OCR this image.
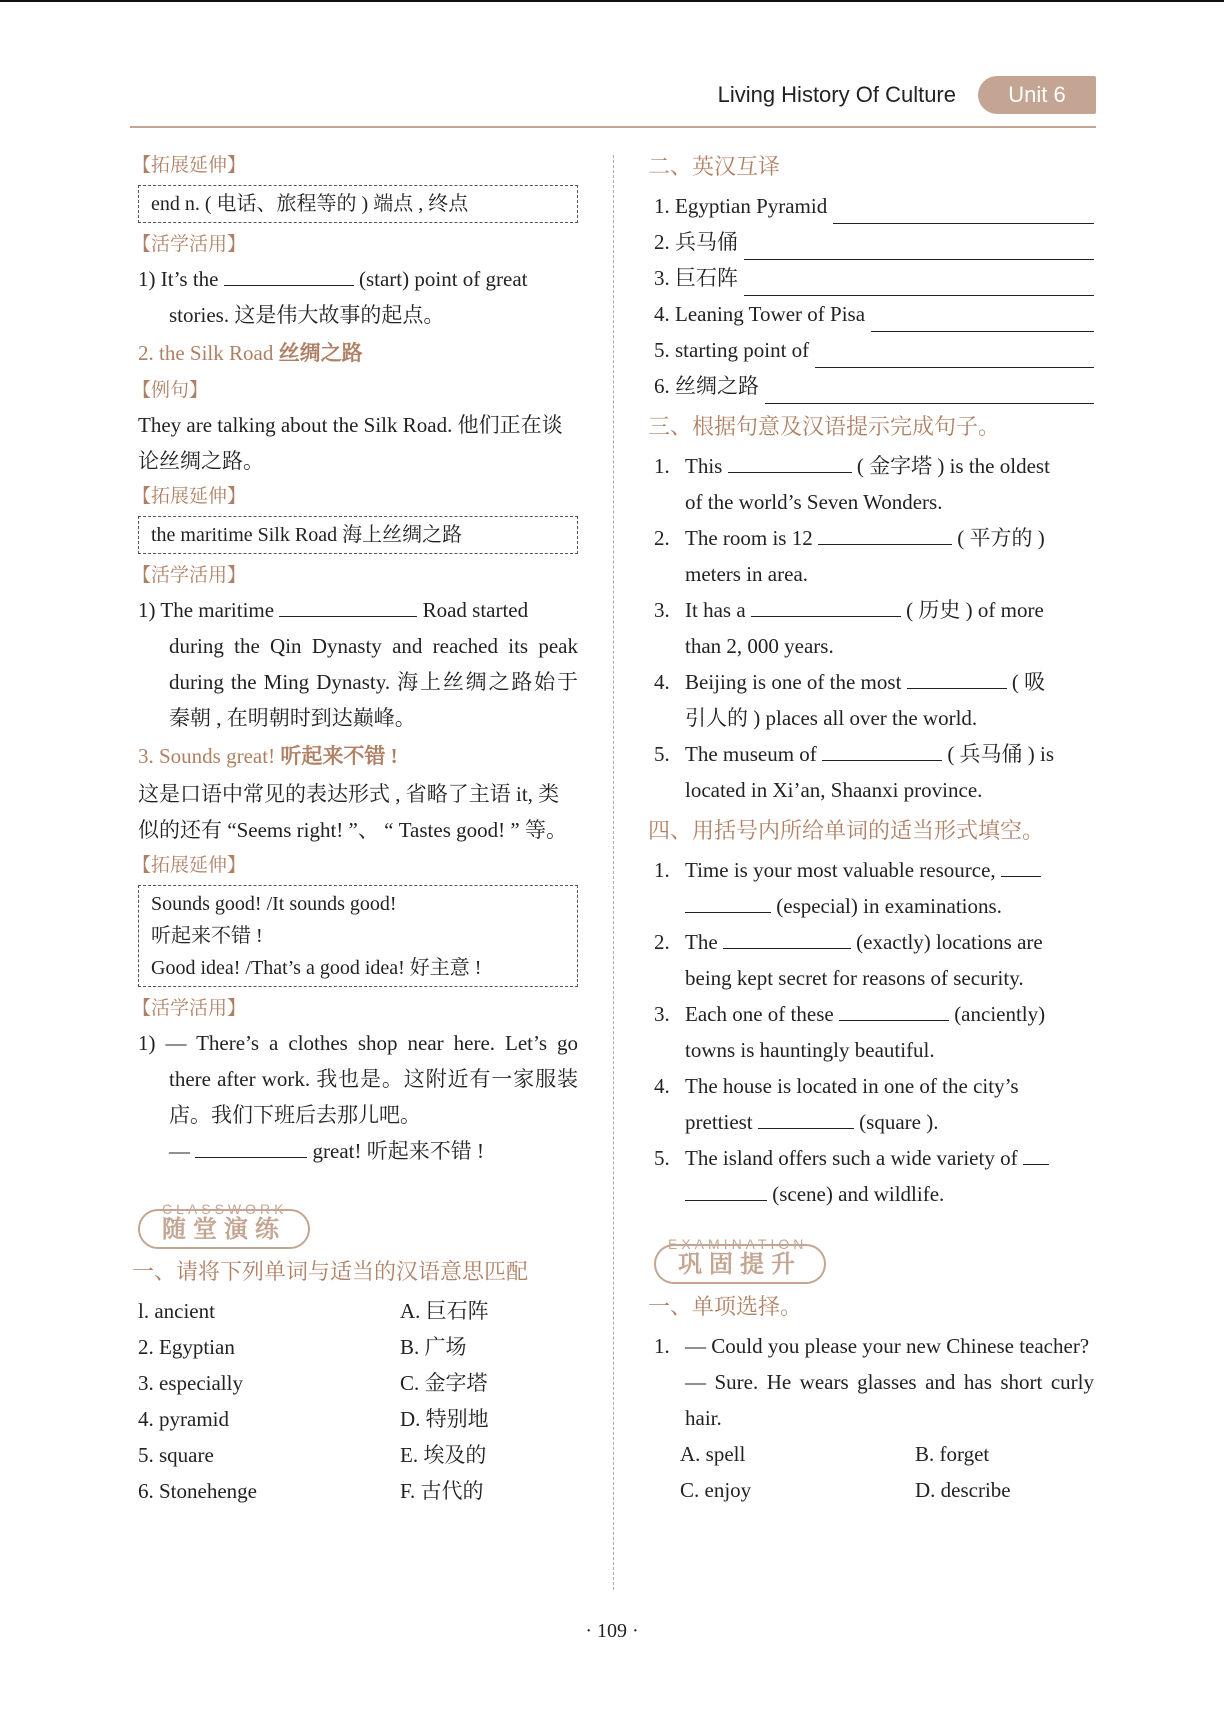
Living History Of Culture	Unit 6
【拓展延伸】
end n. ( 电话、旅程等的 ) 端点 , 终点
【活学活用】
1) It’s the	(start) point of great
stories. 这是伟大故事的起点。
2. the Silk Road 丝绸之路
【例句】
They are talking about the Silk Road. 他们正在谈论丝绸之路。
【拓展延伸】
the maritime Silk Road 海上丝绸之路
【活学活用】
1) The maritime	Road started
during the Qin Dynasty and reached its peak during the Ming Dynasty. 海上丝绸之路始于秦朝 , 在明朝时到达巅峰。
3. Sounds great! 听起来不错 !
这是口语中常见的表达形式 , 省略了主语 it, 类似的还有 “Seems right! ”、 “ Tastes good! ” 等。
【拓展延伸】
Sounds good! /It sounds good!
听起来不错 !
Good idea! /That’s a good idea! 好主意 !
【活学活用】
1) — There’s a clothes shop near here. Let’s go there after work. 我也是。这附近有一家服装店。我们下班后去那儿吧。
—	great! 听起来不错 !
CLASSWORK
随堂演练
一、请将下列单词与适当的汉语意思匹配
l. ancient	A. 巨石阵
2. Egyptian	B. 广场
3. especially	C. 金字塔
4. pyramid	D. 特别地
5. square	E. 埃及的
6. Stonehenge	F. 古代的
二、英汉互译
1. Egyptian Pyramid
2. 兵马俑
3. 巨石阵
4. Leaning Tower of Pisa
5. starting point of
6. 丝绸之路
三、根据句意及汉语提示完成句子。
1. This	( 金字塔 ) is the oldest
of the world’s Seven Wonders.
2. The room is 12	( 平方的 )
meters in area.
3. It has a	( 历史 ) of more
than 2, 000 years.
4. Beijing is one of the most	( 吸
引人的 ) places all over the world.
5. The museum of	( 兵马俑 ) is
located in Xi’an, Shaanxi province.
四、用括号内所给单词的适当形式填空。
1. Time is your most valuable resource,
(especial) in examinations.
2. The	(exactly) locations are
being kept secret for reasons of security.
3. Each one of these	(anciently)
towns is hauntingly beautiful.
4. The house is located in one of the city’s
prettiest	(square ).
5. The island offers such a wide variety of
(scene) and wildlife.
EXAMINATION
巩固提升
一、单项选择。
1. — Could you please your new Chinese teacher?
— Sure. He wears glasses and has short curly hair.
A. spell	B. forget
C. enjoy	D. describe
· 109 ·
